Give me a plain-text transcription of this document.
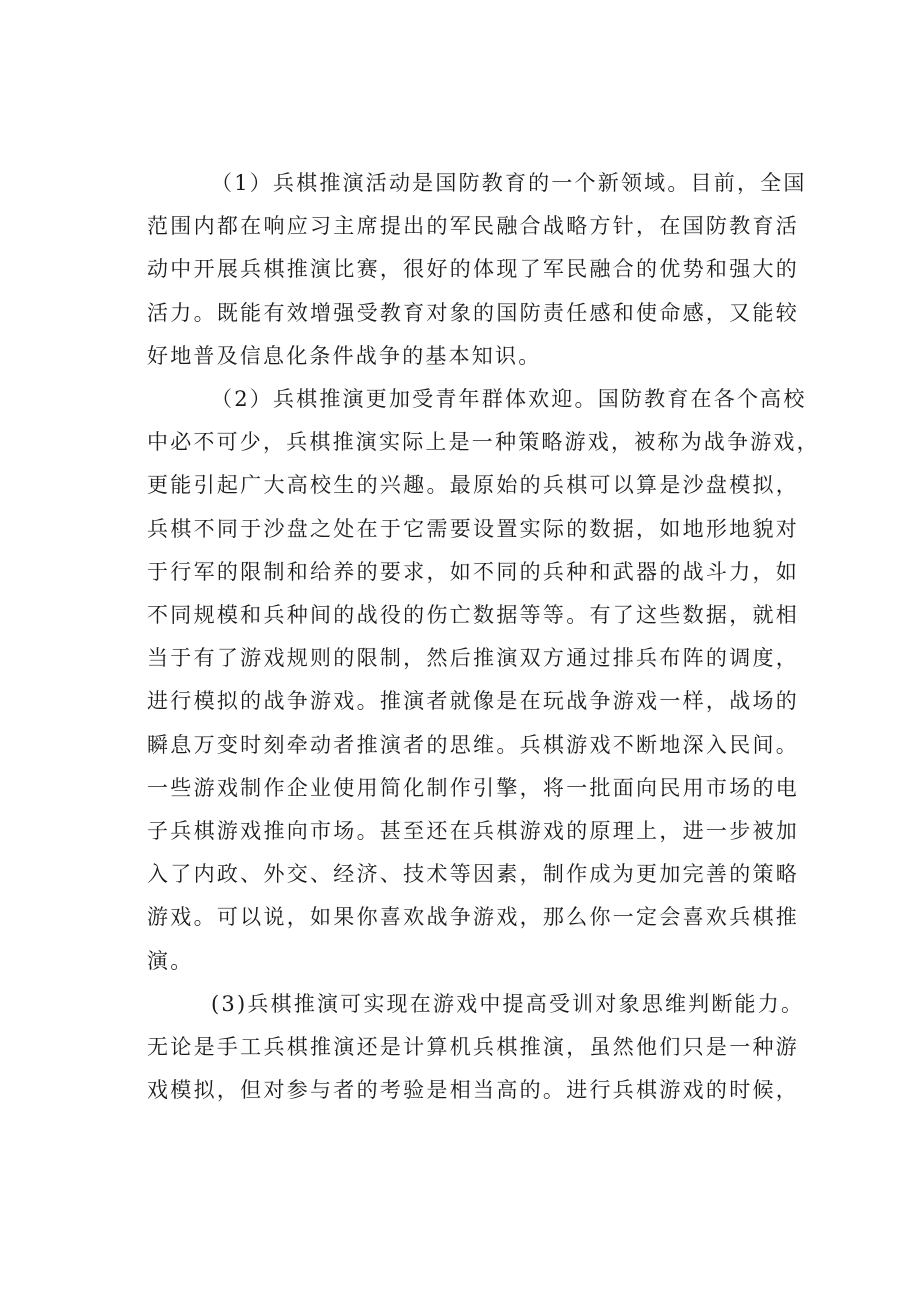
（1）兵棋推演活动是国防教育的一个新领域。目前，全国
范围内都在响应习主席提出的军民融合战略方针，在国防教育活
动中开展兵棋推演比赛，很好的体现了军民融合的优势和强大的
活力。既能有效增强受教育对象的国防责任感和使命感，又能较
好地普及信息化条件战争的基本知识。

（2）兵棋推演更加受青年群体欢迎。国防教育在各个高校
中必不可少，兵棋推演实际上是一种策略游戏，被称为战争游戏，
更能引起广大高校生的兴趣。最原始的兵棋可以算是沙盘模拟，
兵棋不同于沙盘之处在于它需要设置实际的数据，如地形地貌对
于行军的限制和给养的要求，如不同的兵种和武器的战斗力，如
不同规模和兵种间的战役的伤亡数据等等。有了这些数据，就相
当于有了游戏规则的限制，然后推演双方通过排兵布阵的调度，
进行模拟的战争游戏。推演者就像是在玩战争游戏一样，战场的
瞬息万变时刻牵动者推演者的思维。兵棋游戏不断地深入民间。
一些游戏制作企业使用简化制作引擎，将一批面向民用市场的电
子兵棋游戏推向市场。甚至还在兵棋游戏的原理上，进一步被加
入了内政、外交、经济、技术等因素，制作成为更加完善的策略
游戏。可以说，如果你喜欢战争游戏，那么你一定会喜欢兵棋推
演。

(3)兵棋推演可实现在游戏中提高受训对象思维判断能力。
无论是手工兵棋推演还是计算机兵棋推演，虽然他们只是一种游
戏模拟，但对参与者的考验是相当高的。进行兵棋游戏的时候，
